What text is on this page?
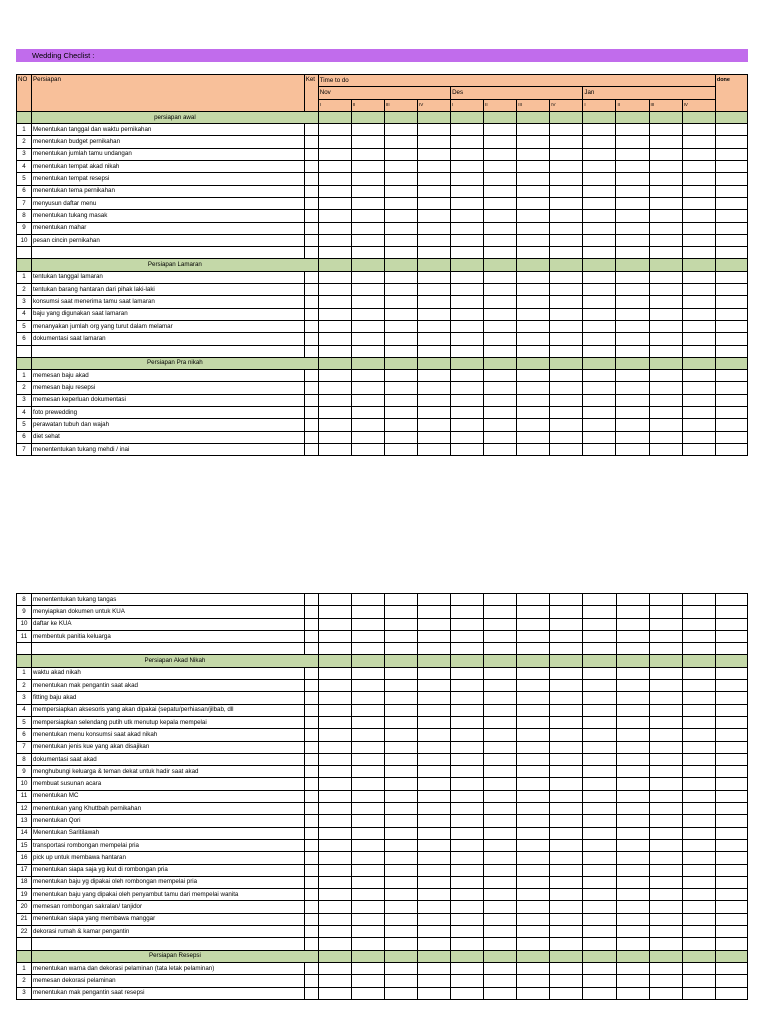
Wedding Checlist :
NO	Persiapan	Ket	Time to do												done
			Nov				Des				Jan				
			I	II	III	IV	I	II	III	IV	I	II	III	IV	
	persiapan awal														
1	Menentukan tanggal dan waktu pernikahan														
2	menentukan budget pernikahan														
3	menentukan jumlah tamu undangan														
4	menentukan tempat akad nikah														
5	menentukan tempat resepsi														
6	menentukan tema pernikahan														
7	menyusun daftar menu														
8	menentukan tukang masak														
9	menentukan mahar														
10	pesan cincin pernikahan														

	Persiapan Lamaran														
1	tentukan tanggal lamaran														
2	tentukan barang hantaran dari pihak laki-laki														
3	konsumsi saat menerima tamu saat lamaran														
4	baju yang digunakan saat lamaran														
5	menanyakan jumlah org yang turut dalam melamar														
6	dokumentasi saat lamaran														

	Persiapan Pra nikah														
1	memesan baju akad														
2	memesan baju resepsi														
3	memesan keperluan dokumentasi														
4	foto prewedding														
5	perawatan tubuh dan wajah														
6	diet sehat														
7	menententukan tukang mehdi / inai														
8	menententukan tukang tangas														
9	menyiapkan dokumen untuk KUA														
10	daftar ke KUA														
11	membentuk panitia keluarga														

	Persiapan Akad Nikah														
1	waktu akad nikah														
2	menentukan mak pengantin saat akad														
3	fitting baju akad														
4	mempersiapkan aksesoris yang akan dipakai (sepatu/perhiasan/jilbab, dll														
5	mempersiapkan selendang putih utk menutup kepala mempelai														
6	menentukan menu konsumsi saat akad nikah														
7	menentukan jenis kue yang akan disajikan														
8	dokumentasi saat akad														
9	menghubungi keluarga & teman dekat untuk hadir saat akad														
10	membuat susunan acara														
11	menentukan MC														
12	menentukan yang Khuttbah pernikahan														
13	menentukan Qori														
14	Menentukan Saritilawah														
15	transportasi rombongan mempelai pria														
16	pick up untuk membawa hantaran														
17	menentukan siapa saja yg ikut di rombongan pria														
18	menentukan baju yg dipakai oleh rombongan mempelai pria														
19	menentukan baju yang dipakai oleh penyambut tamu dari mempelai wanita														
20	memesan rombongan sakralan/ tanjidor														
21	menentukan siapa yang membawa manggar														
22	dekorasi rumah & kamar pengantin														

	Persiapan Resepsi														
1	menentukan warna dan dekorasi pelaminan (tata letak pelaminan)														
2	memesan dekorasi pelaminan														
3	menentukan mak pengantin saat resepsi														
